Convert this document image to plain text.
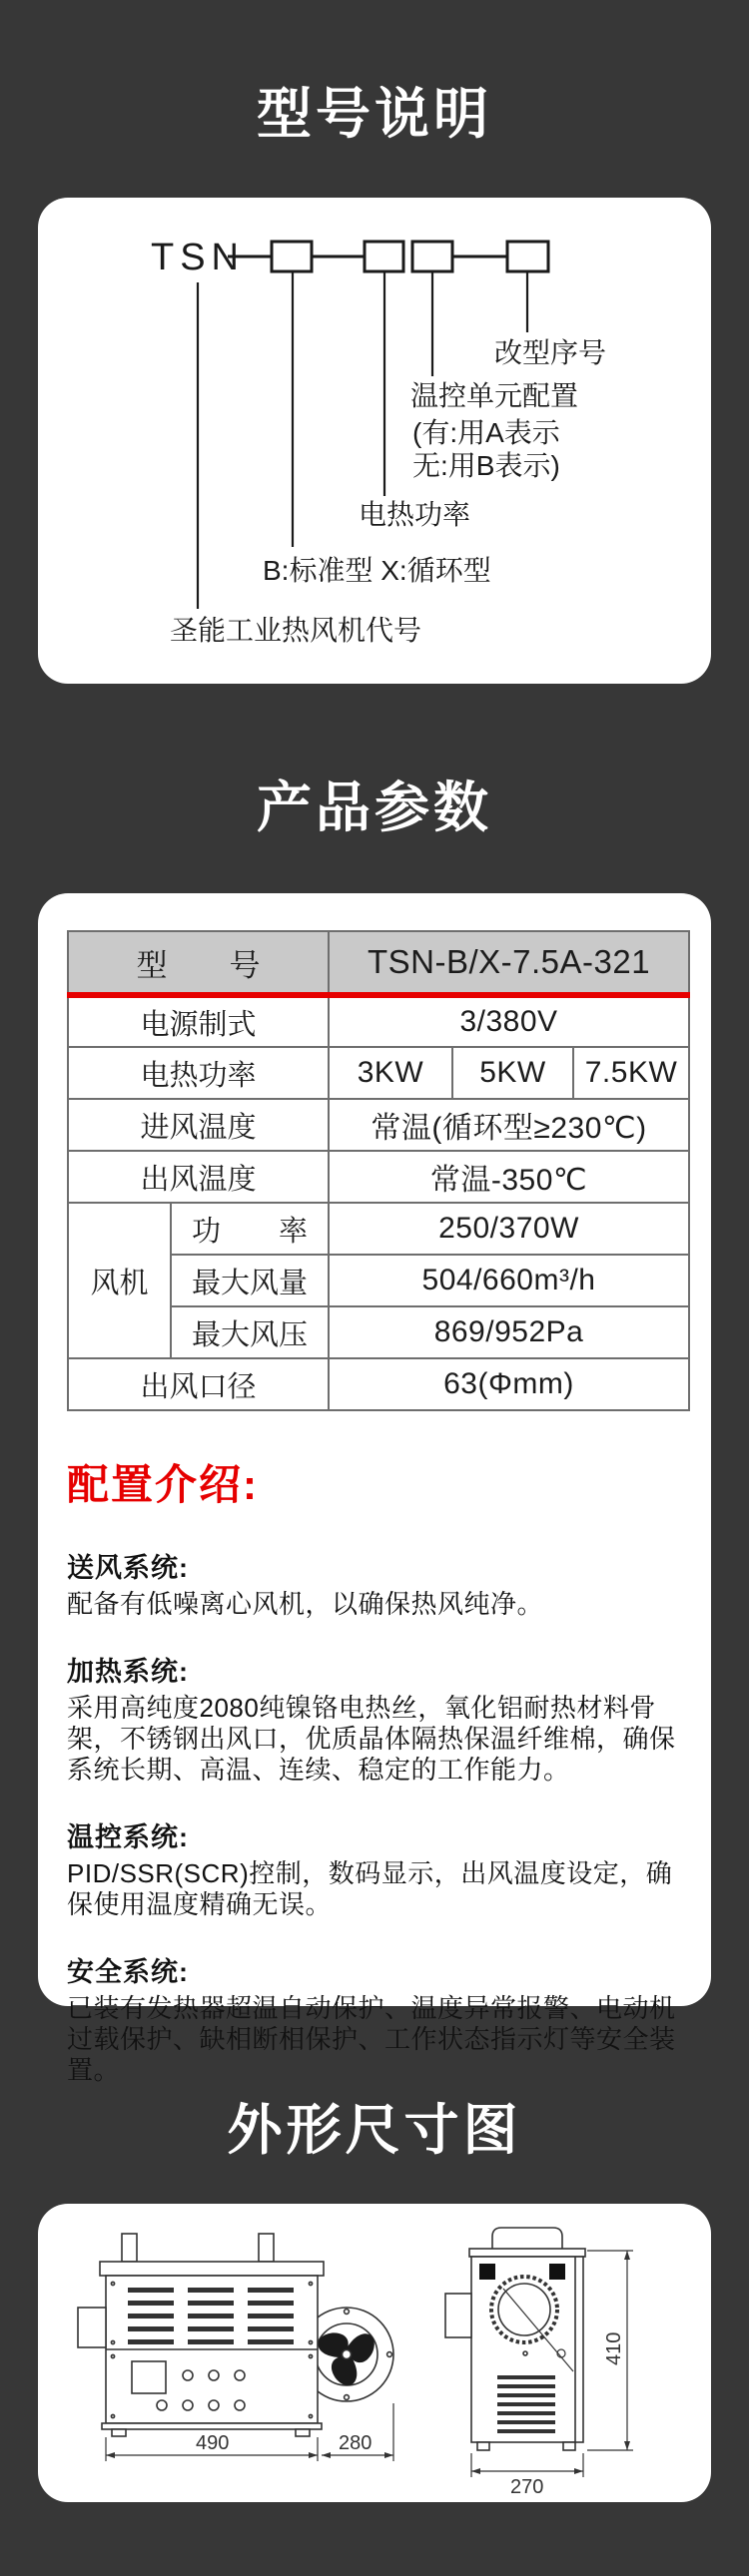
型号说明
TSN
改型序号
温控单元配置
(有:用A表示
无:用B表示)
电热功率
B:标准型 X:循环型
圣能工业热风机代号
产品参数
型　　号		TSN-B/X-7.5A-321		
电源制式		3/380V		
电热功率		3KW	5KW	7.5KW
进风温度		常温(循环型≥230℃)		
出风温度		常温-350℃		
风机	功　　率	250/370W		
	最大风量	504/660m³/h		
	最大风压	869/952Pa		
出风口径		63(Φmm)		
配置介绍:
送风系统:

配备有低噪离心风机，以确保热风纯净。

加热系统:

采用高纯度2080纯镍铬电热丝，氧化铝耐热材料骨架，不锈钢出风口，优质晶体隔热保温纤维棉，确保系统长期、高温、连续、稳定的工作能力。

温控系统:

PID/SSR(SCR)控制，数码显示，出风温度设定，确保使用温度精确无误。

安全系统:

已装有发热器超温自动保护、温度异常报警、电动机过载保护、缺相断相保护、工作状态指示灯等安全装置。

外形尺寸图
490	280
410
270
